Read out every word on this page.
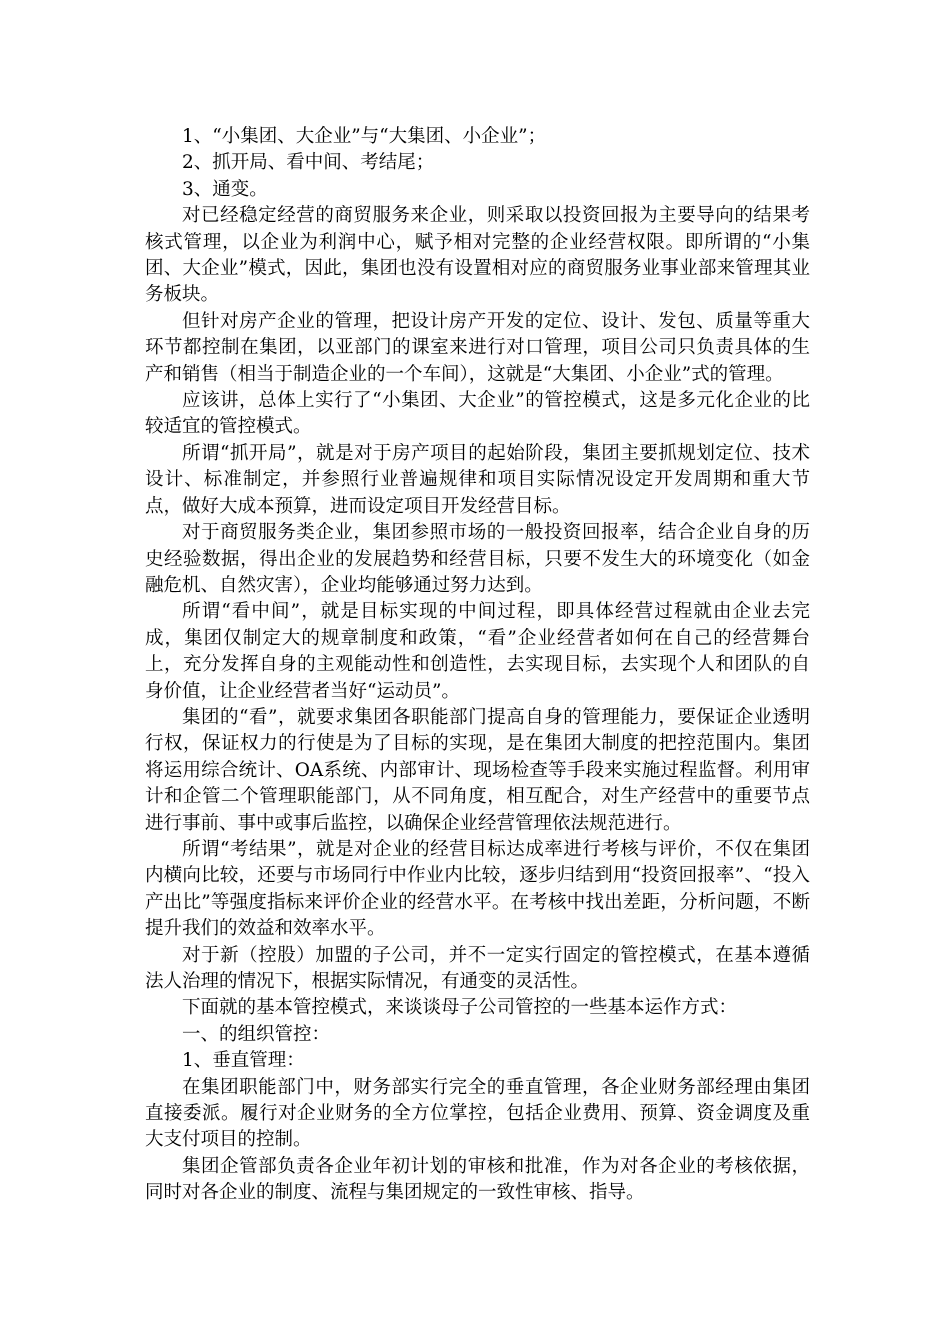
1、“小集团、大企业”与“大集团、小企业”；

2、抓开局、看中间、考结尾；

3、通变。

对已经稳定经营的商贸服务来企业，则采取以投资回报为主要导向的结果考核式管理，以企业为利润中心，赋予相对完整的企业经营权限。即所谓的“小集团、大企业”模式，因此，集团也没有设置相对应的商贸服务业事业部来管理其业务板块。

但针对房产企业的管理，把设计房产开发的定位、设计、发包、质量等重大环节都控制在集团，以亚部门的课室来进行对口管理，项目公司只负责具体的生产和销售（相当于制造企业的一个车间），这就是“大集团、小企业”式的管理。

应该讲，总体上实行了“小集团、大企业”的管控模式，这是多元化企业的比较适宜的管控模式。

所谓“抓开局”，就是对于房产项目的起始阶段，集团主要抓规划定位、技术设计、标准制定，并参照行业普遍规律和项目实际情况设定开发周期和重大节点，做好大成本预算，进而设定项目开发经营目标。

对于商贸服务类企业，集团参照市场的一般投资回报率，结合企业自身的历史经验数据，得出企业的发展趋势和经营目标，只要不发生大的环境变化（如金融危机、自然灾害），企业均能够通过努力达到。

所谓“看中间”，就是目标实现的中间过程，即具体经营过程就由企业去完成，集团仅制定大的规章制度和政策，“看”企业经营者如何在自己的经营舞台上，充分发挥自身的主观能动性和创造性，去实现目标，去实现个人和团队的自身价值，让企业经营者当好“运动员”。

集团的“看”，就要求集团各职能部门提高自身的管理能力，要保证企业透明行权，保证权力的行使是为了目标的实现，是在集团大制度的把控范围内。集团将运用综合统计、OA系统、内部审计、现场检查等手段来实施过程监督。利用审计和企管二个管理职能部门，从不同角度，相互配合，对生产经营中的重要节点进行事前、事中或事后监控，以确保企业经营管理依法规范进行。

所谓“考结果”，就是对企业的经营目标达成率进行考核与评价，不仅在集团内横向比较，还要与市场同行中作业内比较，逐步归结到用“投资回报率”、“投入产出比”等强度指标来评价企业的经营水平。在考核中找出差距，分析问题，不断提升我们的效益和效率水平。

对于新（控股）加盟的子公司，并不一定实行固定的管控模式，在基本遵循法人治理的情况下，根据实际情况，有通变的灵活性。

下面就的基本管控模式，来谈谈母子公司管控的一些基本运作方式：

一、的组织管控：

1、垂直管理：

在集团职能部门中，财务部实行完全的垂直管理，各企业财务部经理由集团直接委派。履行对企业财务的全方位掌控，包括企业费用、预算、资金调度及重大支付项目的控制。

集团企管部负责各企业年初计划的审核和批准，作为对各企业的考核依据，同时对各企业的制度、流程与集团规定的一致性审核、指导。
